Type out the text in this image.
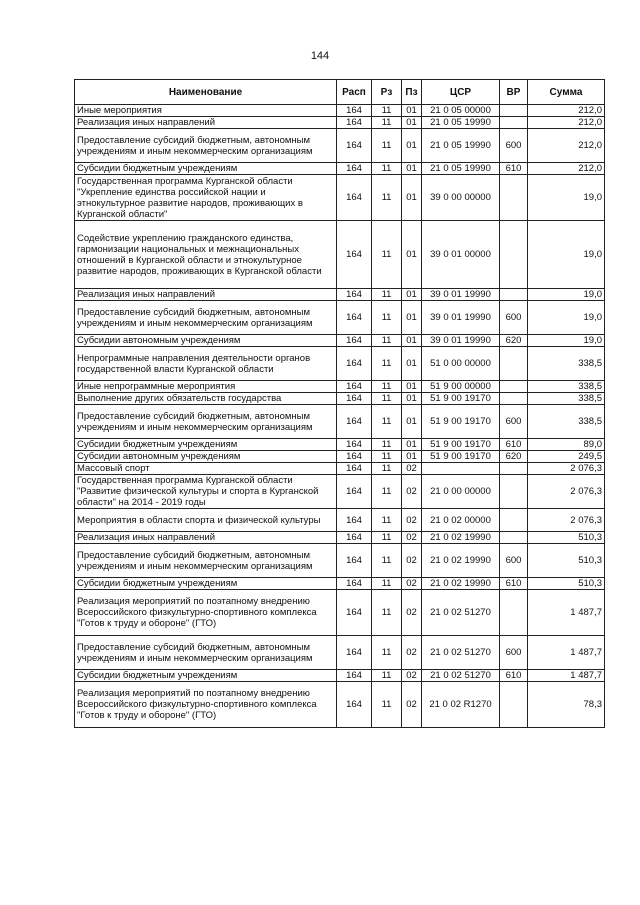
144
Наименование	Расп	Рз	Пз	ЦСР	ВР	Сумма
Иные мероприятия	164	11	01	21 0 05 00000		212,0
Реализация иных направлений	164	11	01	21 0 05 19990		212,0
Предоставление субсидий бюджетным, автономным учреждениям и иным некоммерческим организациям	164	11	01	21 0 05 19990	600	212,0
Субсидии бюджетным учреждениям	164	11	01	21 0 05 19990	610	212,0
Государственная программа Курганской области "Укрепление единства российской нации и этнокультурное развитие народов, проживающих в Курганской области"	164	11	01	39 0 00 00000		19,0
Содействие укреплению гражданского единства, гармонизации национальных и межнациональных отношений в Курганской области и этнокультурное развитие народов, проживающих в Курганской области	164	11	01	39 0 01 00000		19,0
Реализация иных направлений	164	11	01	39 0 01 19990		19,0
Предоставление субсидий бюджетным, автономным учреждениям и иным некоммерческим организациям	164	11	01	39 0 01 19990	600	19,0
Субсидии автономным учреждениям	164	11	01	39 0 01 19990	620	19,0
Непрограммные направления деятельности органов государственной власти Курганской области	164	11	01	51 0 00 00000		338,5
Иные непрограммные мероприятия	164	11	01	51 9 00 00000		338,5
Выполнение других обязательств государства	164	11	01	51 9 00 19170		338,5
Предоставление субсидий бюджетным, автономным учреждениям и иным некоммерческим организациям	164	11	01	51 9 00 19170	600	338,5
Субсидии бюджетным учреждениям	164	11	01	51 9 00 19170	610	89,0
Субсидии автономным учреждениям	164	11	01	51 9 00 19170	620	249,5
Массовый спорт	164	11	02			2 076,3
Государственная программа Курганской области "Развитие физической культуры и спорта в Курганской области" на 2014 - 2019 годы	164	11	02	21 0 00 00000		2 076,3
Мероприятия в области спорта и физической культуры	164	11	02	21 0 02 00000		2 076,3
Реализация иных направлений	164	11	02	21 0 02 19990		510,3
Предоставление субсидий бюджетным, автономным учреждениям и иным некоммерческим организациям	164	11	02	21 0 02 19990	600	510,3
Субсидии бюджетным учреждениям	164	11	02	21 0 02 19990	610	510,3
Реализация мероприятий по поэтапному внедрению Всероссийского физкультурно-спортивного комплекса "Готов к труду и обороне" (ГТО)	164	11	02	21 0 02 51270		1 487,7
Предоставление субсидий бюджетным, автономным учреждениям и иным некоммерческим организациям	164	11	02	21 0 02 51270	600	1 487,7
Субсидии бюджетным учреждениям	164	11	02	21 0 02 51270	610	1 487,7
Реализация мероприятий по поэтапному внедрению Всероссийского физкультурно-спортивного комплекса "Готов к труду и обороне" (ГТО)	164	11	02	21 0 02 R1270		78,3
